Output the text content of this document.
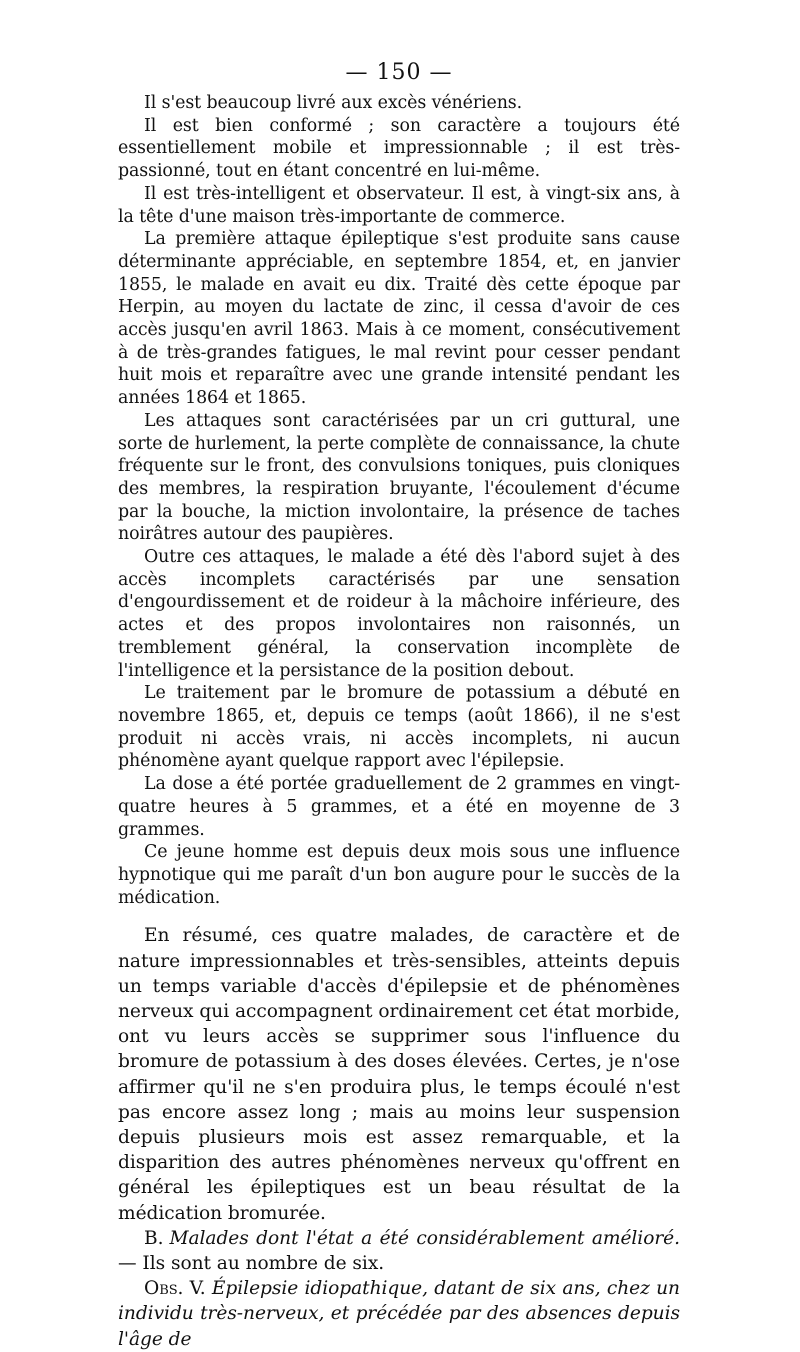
— 150 —

Il s'est beaucoup livré aux excès vénériens.

Il est bien conformé ; son caractère a toujours été essentiellement mobile et impressionnable ; il est très-passionné, tout en étant concentré en lui-même.

Il est très-intelligent et observateur. Il est, à vingt-six ans, à la tête d'une maison très-importante de commerce.

La première attaque épileptique s'est produite sans cause déterminante appréciable, en septembre 1854, et, en janvier 1855, le malade en avait eu dix. Traité dès cette époque par Herpin, au moyen du lactate de zinc, il cessa d'avoir de ces accès jusqu'en avril 1863. Mais à ce moment, consécutivement à de très-grandes fatigues, le mal revint pour cesser pendant huit mois et reparaître avec une grande intensité pendant les années 1864 et 1865.

Les attaques sont caractérisées par un cri guttural, une sorte de hurlement, la perte complète de connaissance, la chute fréquente sur le front, des convulsions toniques, puis cloniques des membres, la respiration bruyante, l'écoulement d'écume par la bouche, la miction involontaire, la présence de taches noirâtres autour des paupières.

Outre ces attaques, le malade a été dès l'abord sujet à des accès incomplets caractérisés par une sensation d'engourdissement et de roideur à la mâchoire inférieure, des actes et des propos involontaires non raisonnés, un tremblement général, la conservation incomplète de l'intelligence et la persistance de la position debout.

Le traitement par le bromure de potassium a débuté en novembre 1865, et, depuis ce temps (août 1866), il ne s'est produit ni accès vrais, ni accès incomplets, ni aucun phénomène ayant quelque rapport avec l'épilepsie.

La dose a été portée graduellement de 2 grammes en vingt-quatre heures à 5 grammes, et a été en moyenne de 3 grammes.

Ce jeune homme est depuis deux mois sous une influence hypnotique qui me paraît d'un bon augure pour le succès de la médication.

En résumé, ces quatre malades, de caractère et de nature impressionnables et très-sensibles, atteints depuis un temps variable d'accès d'épilepsie et de phénomènes nerveux qui accompagnent ordinairement cet état morbide, ont vu leurs accès se supprimer sous l'influence du bromure de potassium à des doses élevées. Certes, je n'ose affirmer qu'il ne s'en produira plus, le temps écoulé n'est pas encore assez long ; mais au moins leur suspension depuis plusieurs mois est assez remarquable, et la disparition des autres phénomènes nerveux qu'offrent en général les épileptiques est un beau résultat de la médication bromurée.

B. Malades dont l'état a été considérablement amélioré. — Ils sont au nombre de six.

Obs. V. Épilepsie idiopathique, datant de six ans, chez un individu très-nerveux, et précédée par des absences depuis l'âge de
